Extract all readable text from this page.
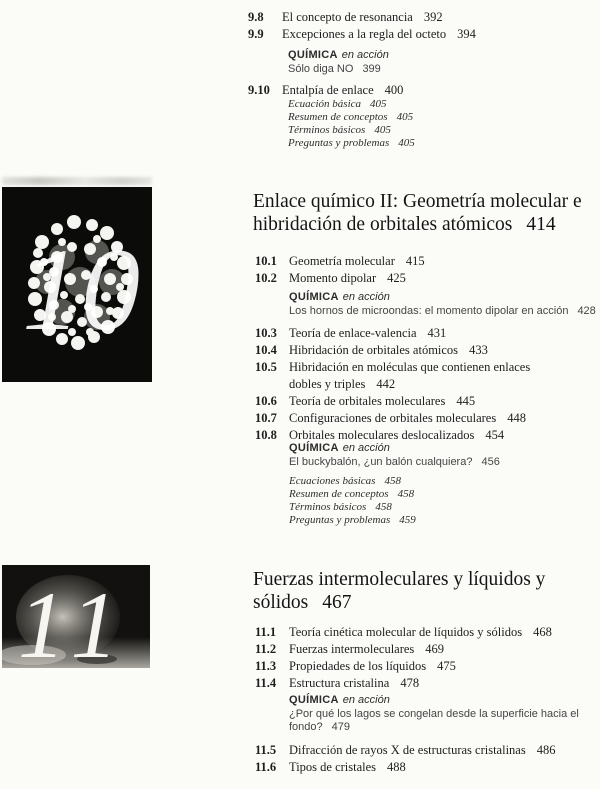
9.8 El concepto de resonancia 392
9.9 Excepciones a la regla del octeto 394
QUÍMICA en acción
Sólo diga NO 399
9.10 Entalpía de enlace 400
Ecuación básica 405
Resumen de conceptos 405
Términos básicos 405
Preguntas y problemas 405
10
Enlace químico II: Geometría molecular e hibridación de orbitales atómicos 414
10.1 Geometría molecular 415
10.2 Momento dipolar 425
QUÍMICA en acción
Los hornos de microondas: el momento dipolar en acción 428
10.3 Teoría de enlace-valencia 431
10.4 Hibridación de orbitales atómicos 433
10.5 Hibridación en moléculas que contienen enlaces dobles y triples 442
10.6 Teoría de orbitales moleculares 445
10.7 Configuraciones de orbitales moleculares 448
10.8 Orbitales moleculares deslocalizados 454
QUÍMICA en acción
El buckybalón, ¿un balón cualquiera? 456
Ecuaciones básicas 458
Resumen de conceptos 458
Términos básicos 458
Preguntas y problemas 459
11	Fuerzas intermoleculares y líquidos y sólidos 467
11.1 Teoría cinética molecular de líquidos y sólidos 468
11.2 Fuerzas intermoleculares 469
11.3 Propiedades de los líquidos 475
11.4 Estructura cristalina 478
QUÍMICA en acción
¿Por qué los lagos se congelan desde la superficie hacia el fondo? 479
11.5 Difracción de rayos X de estructuras cristalinas 486
11.6 Tipos de cristales 488
